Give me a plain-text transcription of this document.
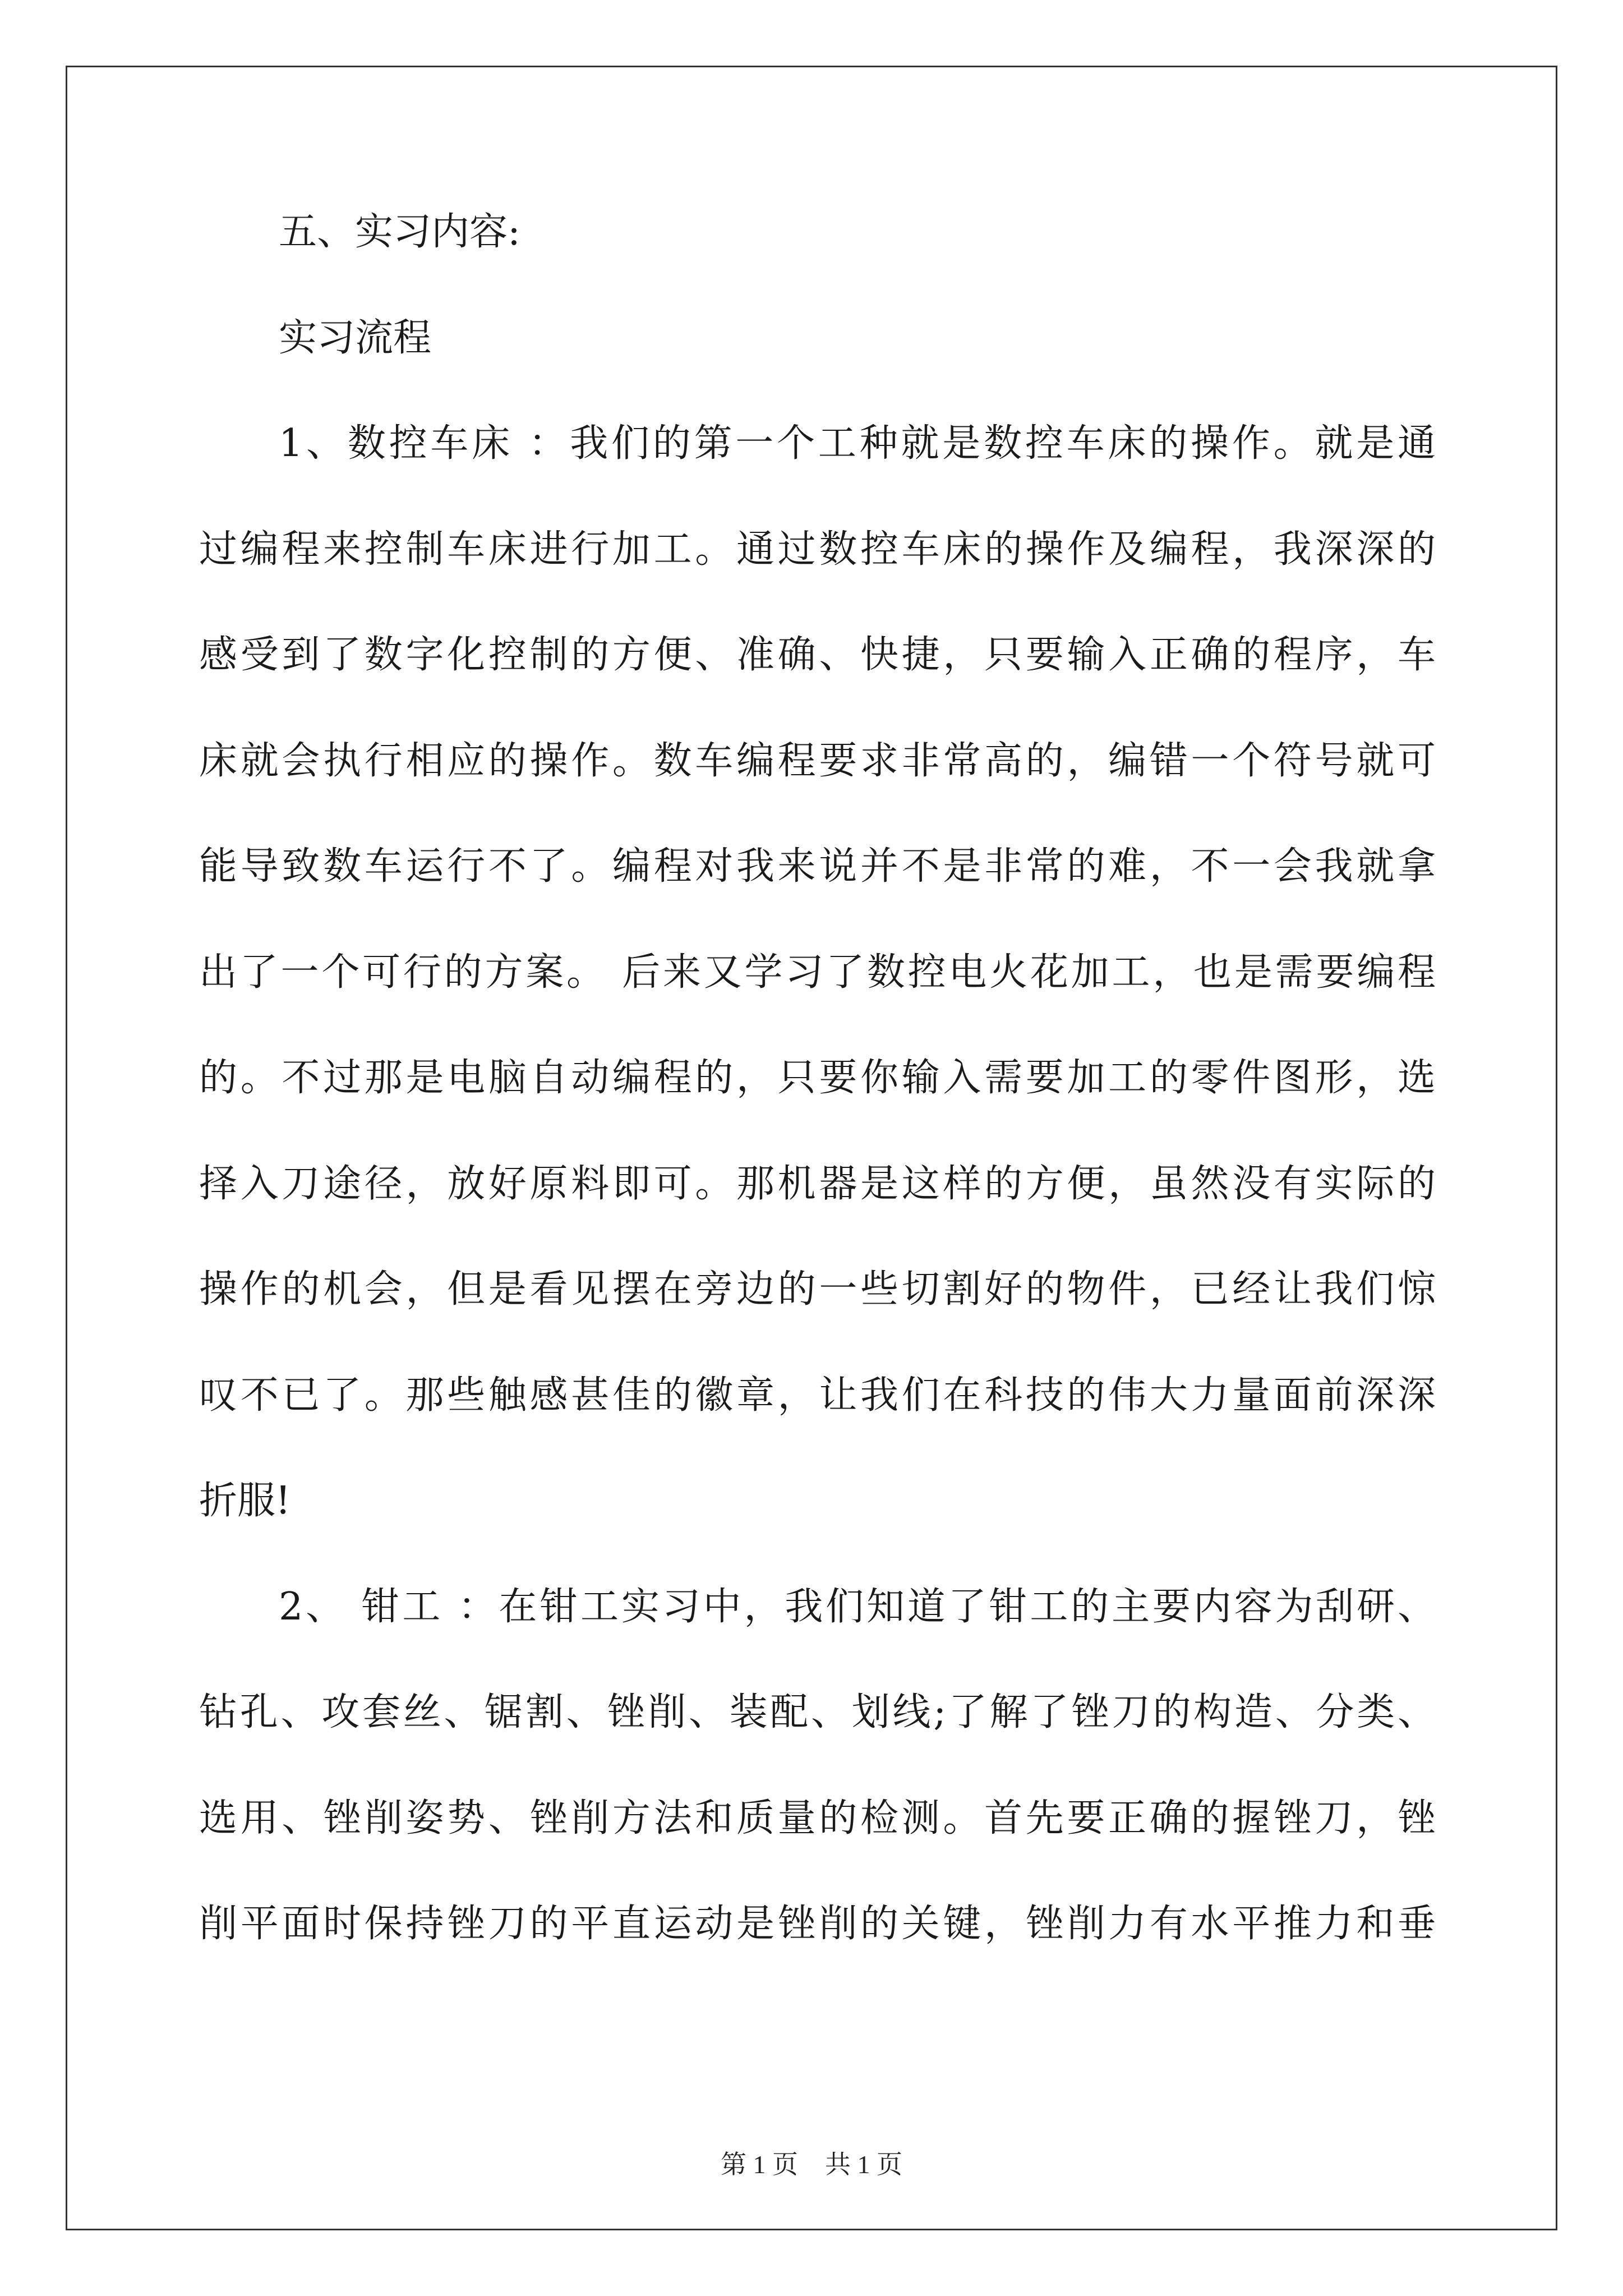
五、实习内容:
实习流程
1、数控车床 ：我们的第一个工种就是数控车床的操作。就是通
过编程来控制车床进行加工。通过数控车床的操作及编程，我深深的
感受到了数字化控制的方便、准确、快捷，只要输入正确的程序，车
床就会执行相应的操作。数车编程要求非常高的，编错一个符号就可
能导致数车运行不了。编程对我来说并不是非常的难，不一会我就拿
出了一个可行的方案。 后来又学习了数控电火花加工，也是需要编程
的。不过那是电脑自动编程的，只要你输入需要加工的零件图形，选
择入刀途径，放好原料即可。那机器是这样的方便，虽然没有实际的
操作的机会，但是看见摆在旁边的一些切割好的物件，已经让我们惊
叹不已了。那些触感甚佳的徽章，让我们在科技的伟大力量面前深深
折服!
2、 钳工 ：在钳工实习中，我们知道了钳工的主要内容为刮研、
钻孔、攻套丝、锯割、锉削、装配、划线;了解了锉刀的构造、分类、
选用、锉削姿势、锉削方法和质量的检测。首先要正确的握锉刀，锉
削平面时保持锉刀的平直运动是锉削的关键，锉削力有水平推力和垂
第 1 页 共 1 页
